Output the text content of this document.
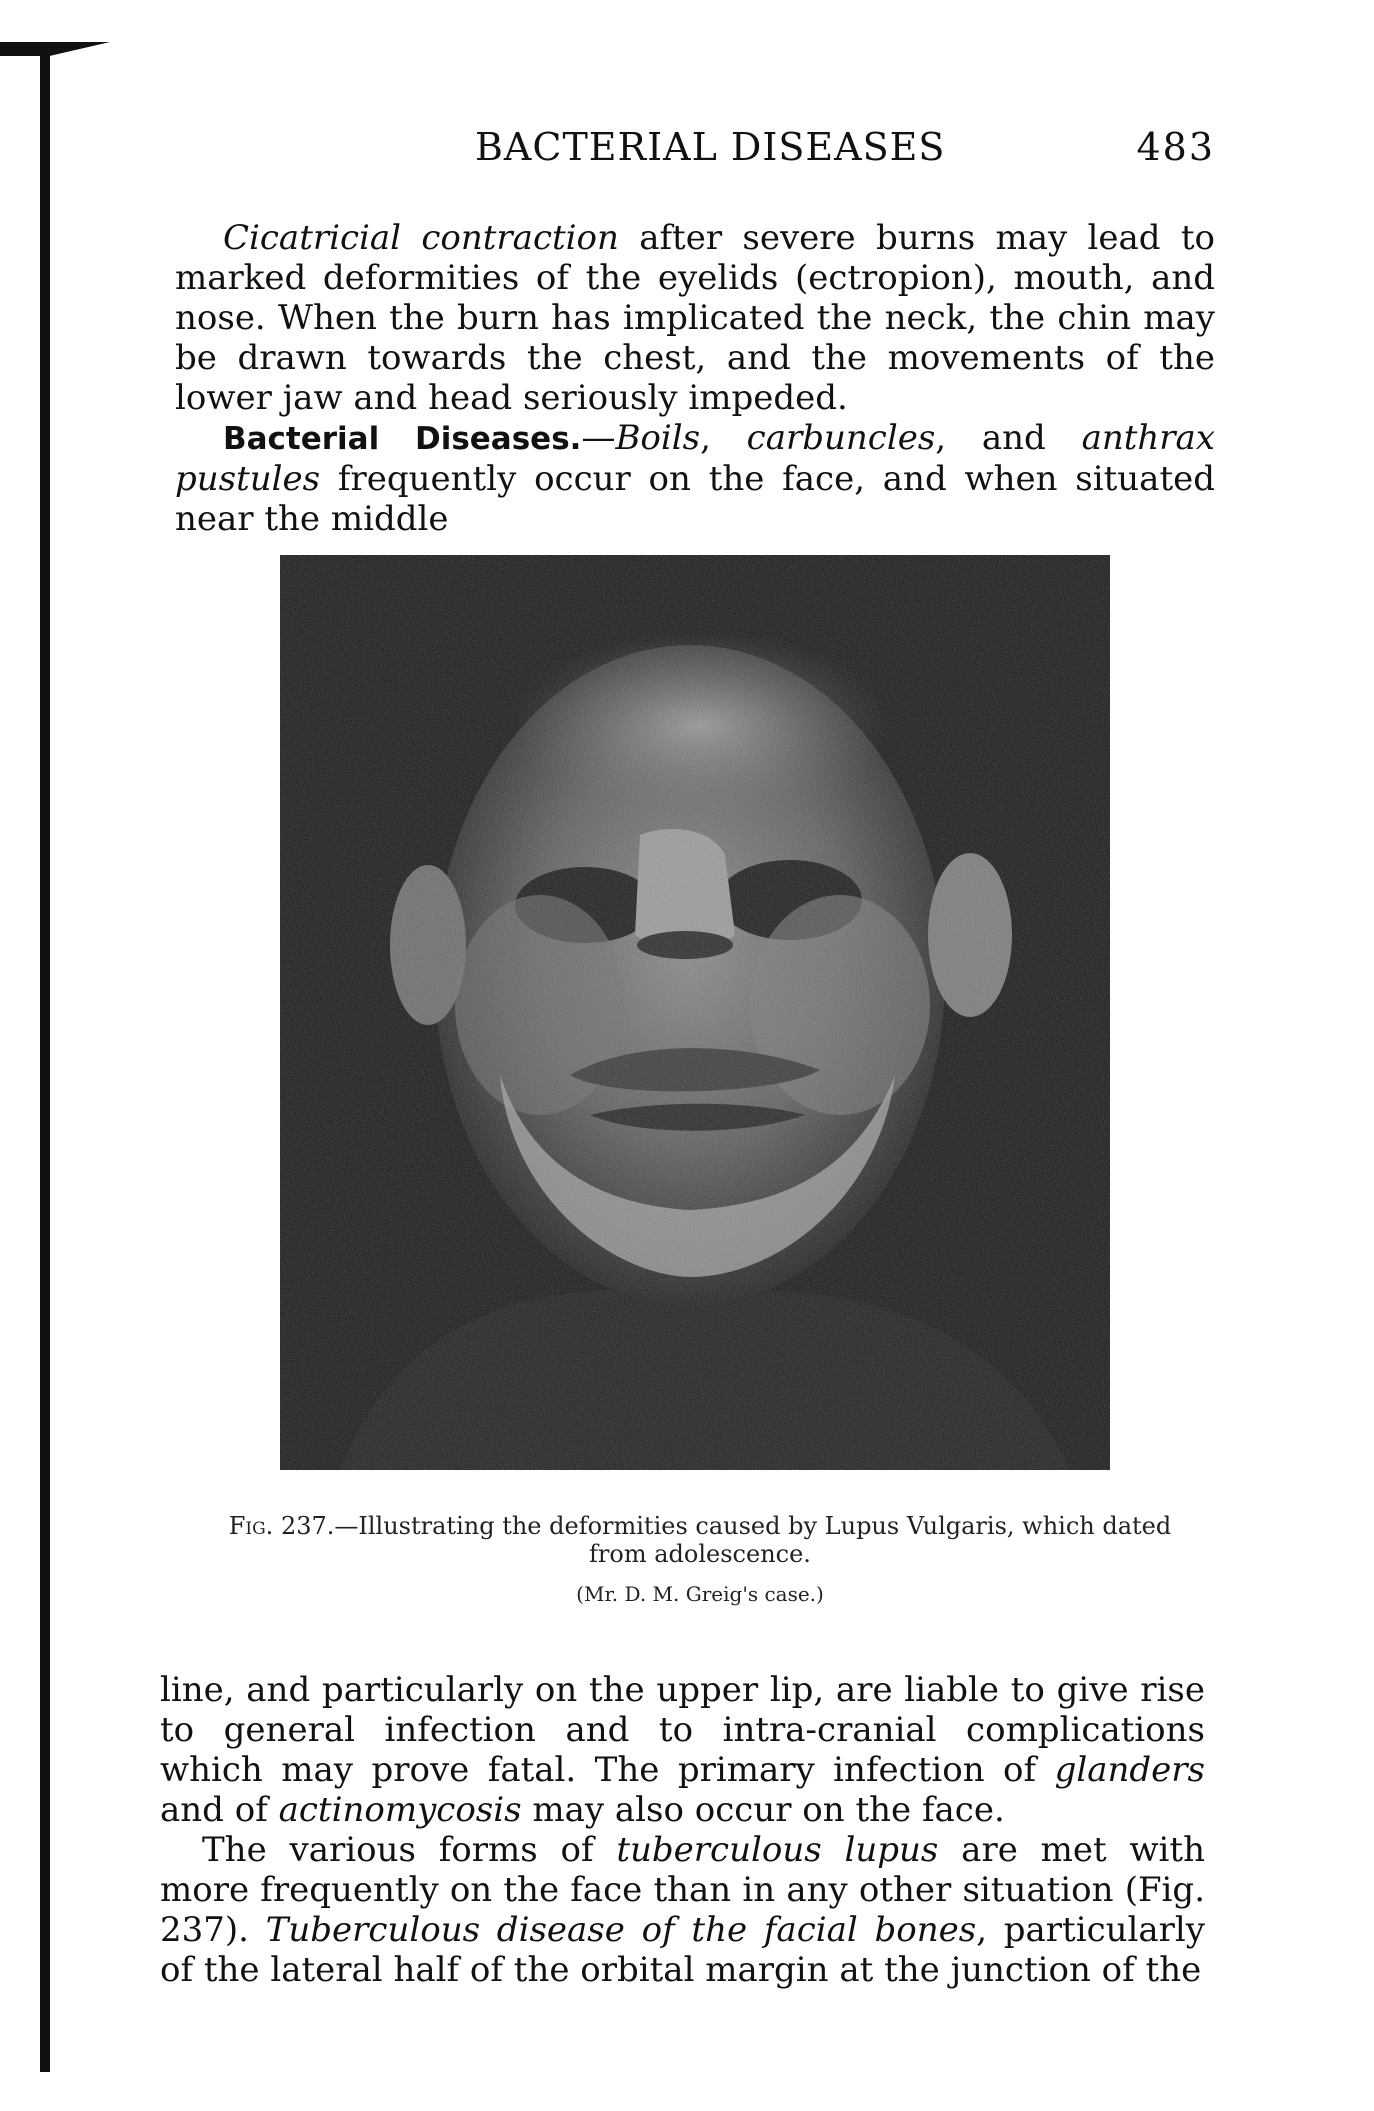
BACTERIAL DISEASES	483

Cicatricial contraction after severe burns may lead to marked deformities of the eyelids (ectropion), mouth, and nose. When the burn has implicated the neck, the chin may be drawn towards the chest, and the movements of the lower jaw and head seriously impeded.

Bacterial Diseases.—Boils, carbuncles, and anthrax pustules frequently occur on the face, and when situated near the middle

Fig. 237.—Illustrating the deformities caused by Lupus Vulgaris, which dated from adolescence.
(Mr. D. M. Greig's case.)

line, and particularly on the upper lip, are liable to give rise to general infection and to intra-cranial complications which may prove fatal. The primary infection of glanders and of actinomycosis may also occur on the face.

The various forms of tuberculous lupus are met with more frequently on the face than in any other situation (Fig. 237). Tuberculous disease of the facial bones, particularly of the lateral half of the orbital margin at the junction of the
